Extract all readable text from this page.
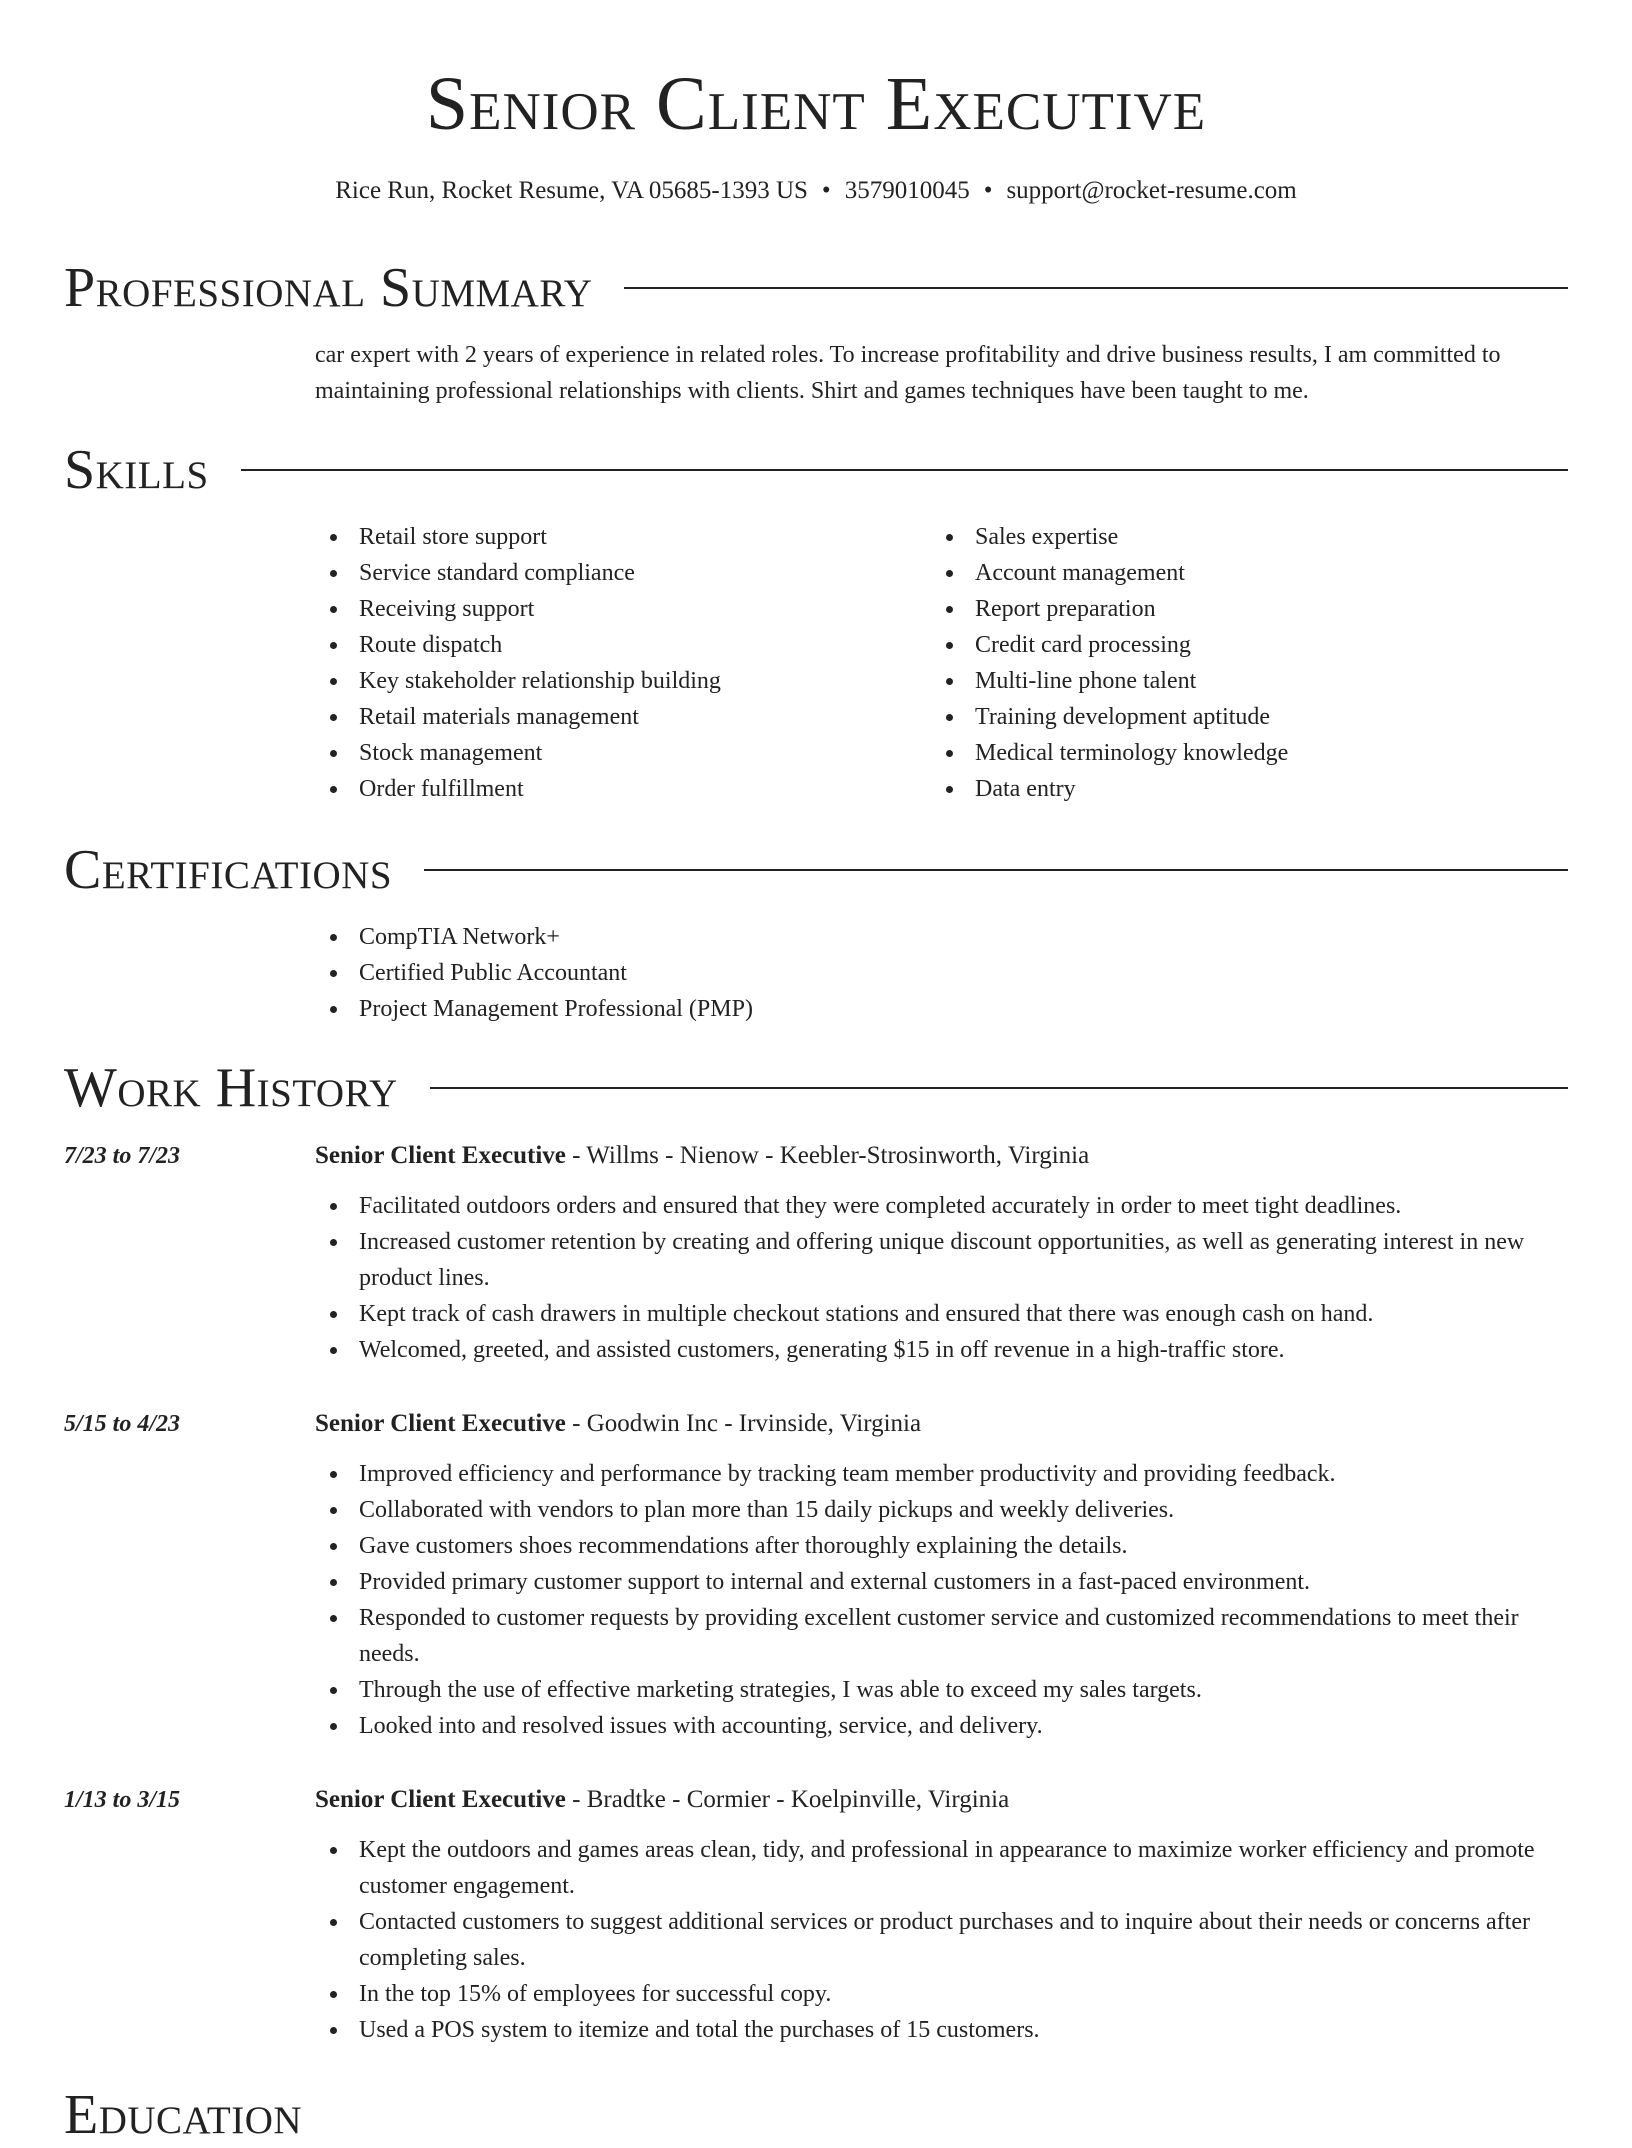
Senior Client Executive
Rice Run, Rocket Resume, VA 05685-1393 US • 3579010045 • support@rocket-resume.com
Professional Summary

car expert with 2 years of experience in related roles. To increase profitability and drive business results, I am committed to maintaining professional relationships with clients. Shirt and games techniques have been taught to me.

Skills
Retail store support
Service standard compliance
Receiving support
Route dispatch
Key stakeholder relationship building
Retail materials management
Stock management
Order fulfillment
Sales expertise
Account management
Report preparation
Credit card processing
Multi-line phone talent
Training development aptitude
Medical terminology knowledge
Data entry
Certifications
CompTIA Network+
Certified Public Accountant
Project Management Professional (PMP)
Work History
7/23 to 7/23	Senior Client Executive - Willms - Nienow - Keebler-Strosinworth, Virginia
Facilitated outdoors orders and ensured that they were completed accurately in order to meet tight deadlines.
Increased customer retention by creating and offering unique discount opportunities, as well as generating interest in new product lines.
Kept track of cash drawers in multiple checkout stations and ensured that there was enough cash on hand.
Welcomed, greeted, and assisted customers, generating $15 in off revenue in a high-traffic store.
5/15 to 4/23	Senior Client Executive - Goodwin Inc - Irvinside, Virginia
Improved efficiency and performance by tracking team member productivity and providing feedback.
Collaborated with vendors to plan more than 15 daily pickups and weekly deliveries.
Gave customers shoes recommendations after thoroughly explaining the details.
Provided primary customer support to internal and external customers in a fast-paced environment.
Responded to customer requests by providing excellent customer service and customized recommendations to meet their needs.
Through the use of effective marketing strategies, I was able to exceed my sales targets.
Looked into and resolved issues with accounting, service, and delivery.
1/13 to 3/15	Senior Client Executive - Bradtke - Cormier - Koelpinville, Virginia
Kept the outdoors and games areas clean, tidy, and professional in appearance to maximize worker efficiency and promote customer engagement.
Contacted customers to suggest additional services or product purchases and to inquire about their needs or concerns after completing sales.
In the top 15% of employees for successful copy.
Used a POS system to itemize and total the purchases of 15 customers.
Education
